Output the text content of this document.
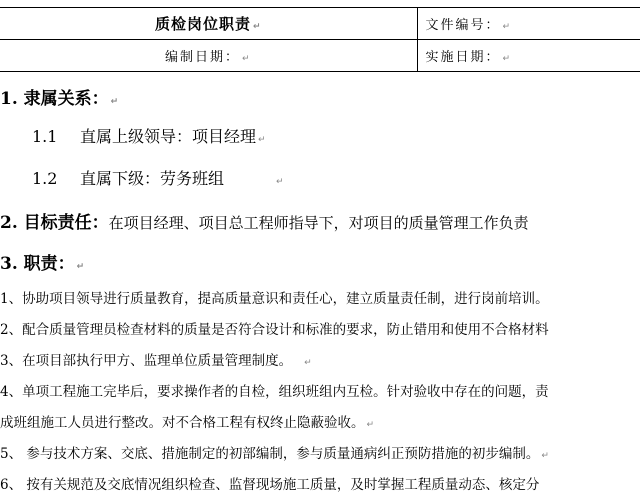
质检岗位职责 ↵	文件编号： ↵
编制日期： ↵	实施日期： ↵
1. 隶属关系： ↵
1.1 直属上级领导：项目经理 ↵
1.2 直属下级：劳务班组	↵
2. 目标责任：在项目经理、项目总工程师指导下，对项目的质量管理工作负责
3. 职责： ↵
1、协助项目领导进行质量教育，提高质量意识和责任心，建立质量责任制，进行岗前培训。
2、配合质量管理员检查材料的质量是否符合设计和标准的要求，防止错用和使用不合格材料
3、在项目部执行甲方、监理单位质量管理制度。 ↵
4、单项工程施工完毕后，要求操作者的自检，组织班组内互检。针对验收中存在的问题，责
成班组施工人员进行整改。对不合格工程有权终止隐蔽验收。 ↵
5、 参与技术方案、交底、措施制定的初部编制，参与质量通病纠正预防措施的初步编制。 ↵
6、 按有关规范及交底情况组织检查、监督现场施工质量，及时掌握工程质量动态、核定分
